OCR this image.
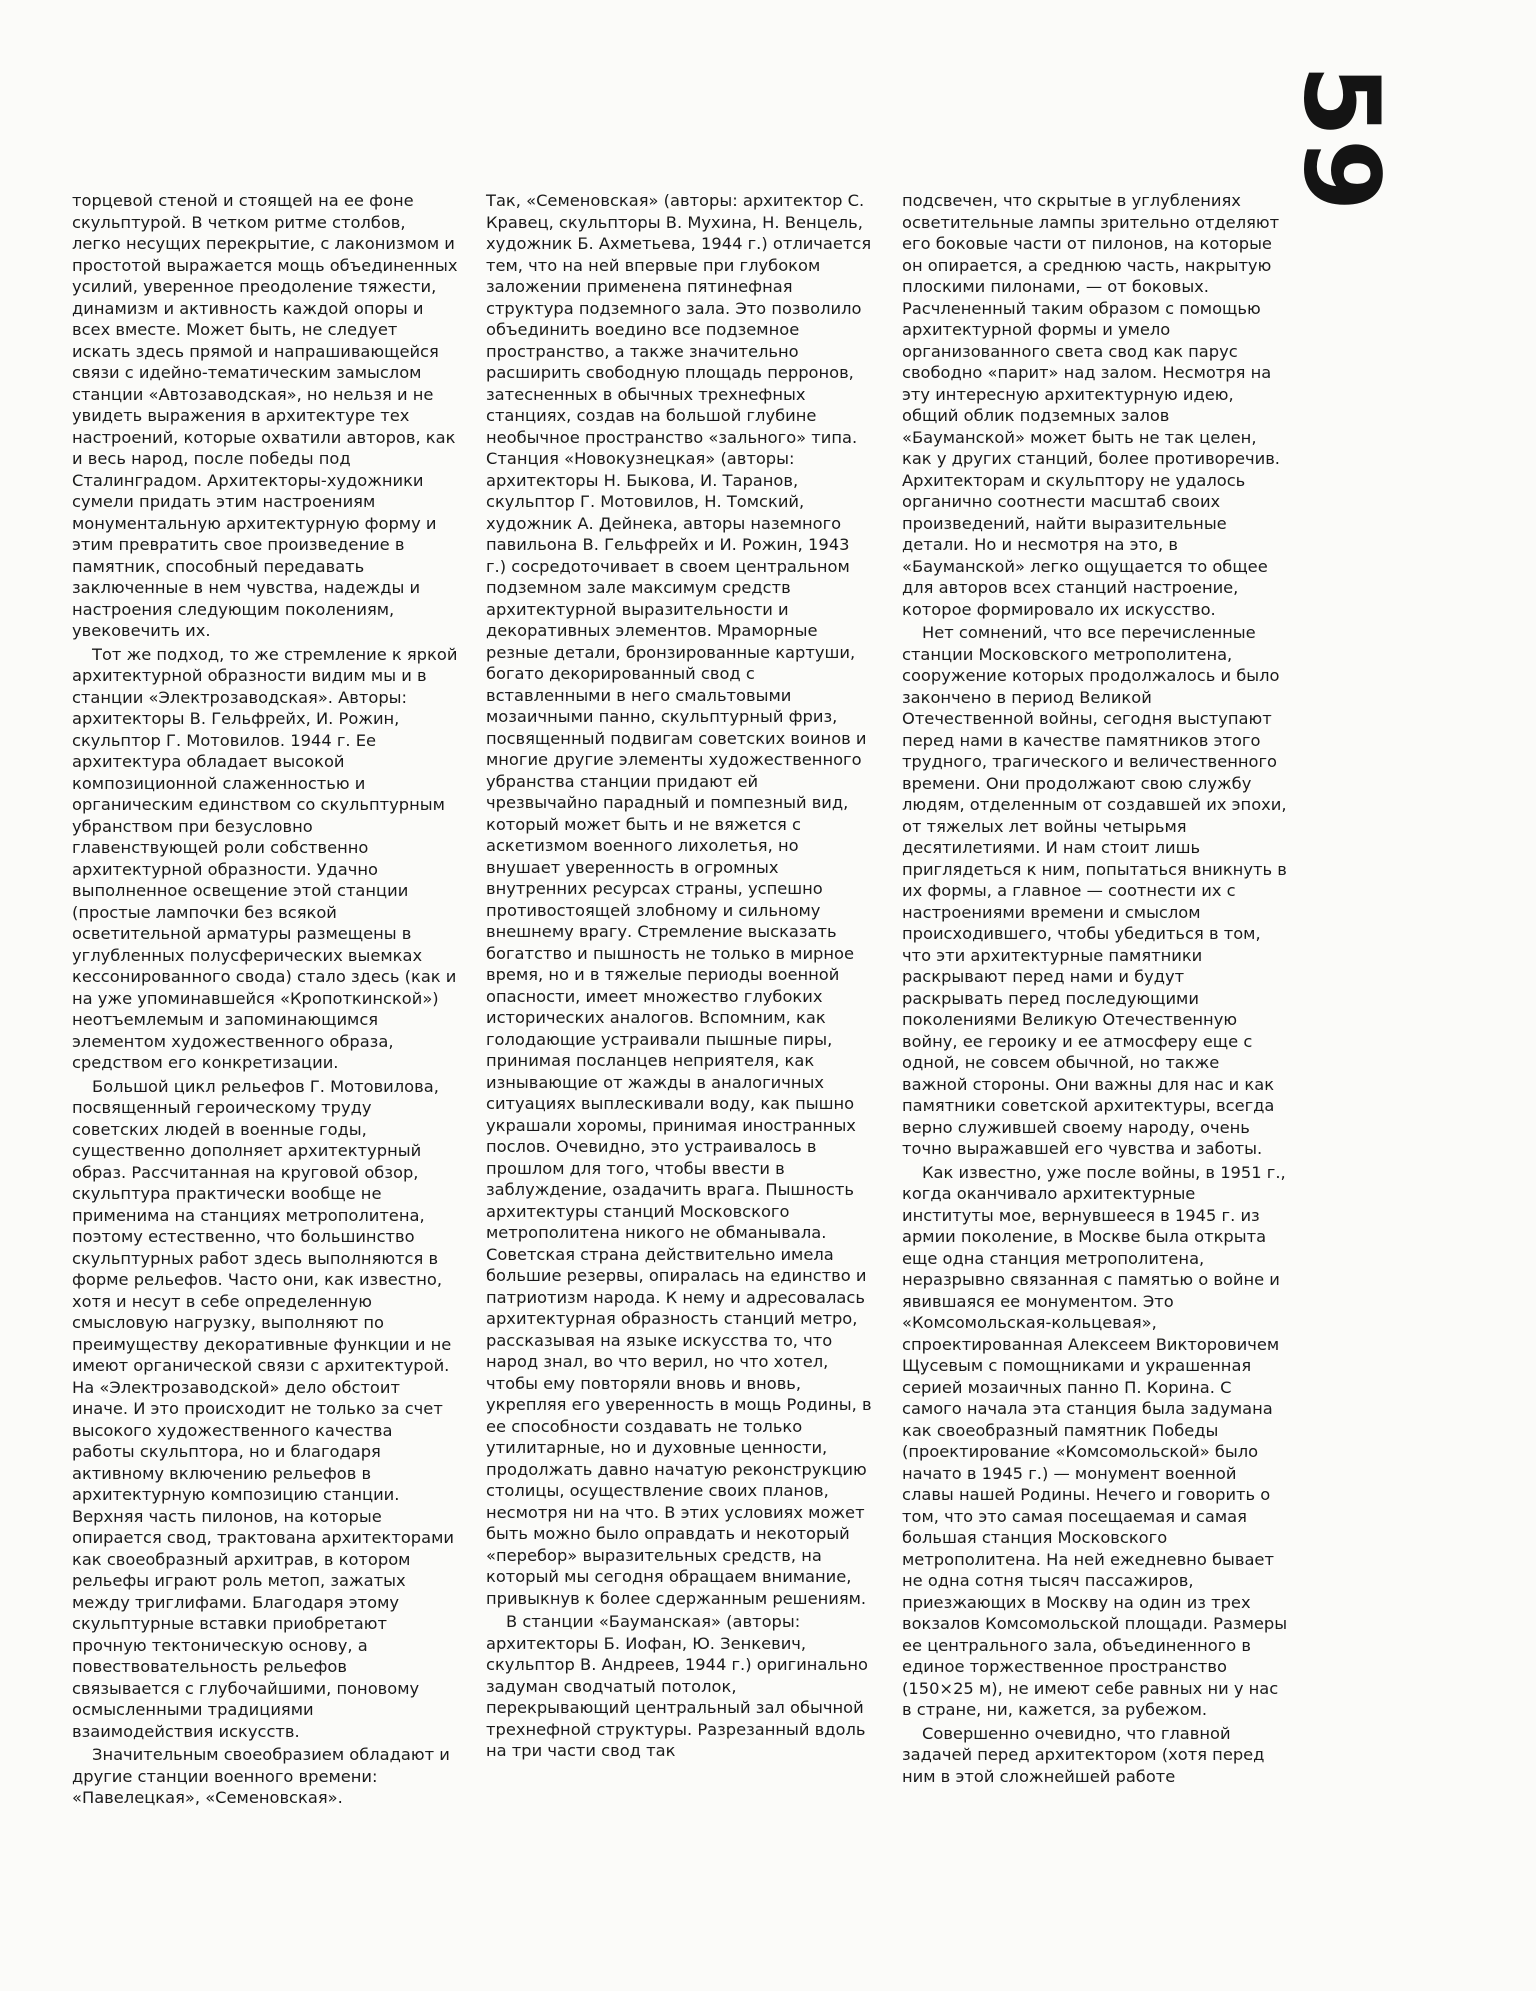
59

торцевой стеной и стоящей на ее фоне скульптурой. В четком ритме столбов, легко несущих перекрытие, с лаконизмом и простотой выражается мощь объединенных усилий, уверенное преодоление тяжести, динамизм и активность каждой опоры и всех вместе. Может быть, не следует искать здесь прямой и напрашивающейся связи с идейно-тематическим замыслом станции «Автозаводская», но нельзя и не увидеть выражения в архитектуре тех настроений, которые охватили авторов, как и весь народ, после победы под Сталинградом. Архитекторы-художники сумели придать этим настроениям монументальную архитектурную форму и этим превратить свое произведение в памятник, способный передавать заключенные в нем чувства, надежды и настроения следующим поколениям, увековечить их.

Тот же подход, то же стремление к яркой архитектурной образности видим мы и в станции «Электрозаводская». Авторы: архитекторы В. Гельфрейх, И. Рожин, скульптор Г. Мотовилов. 1944 г. Ее архитектура обладает высокой композиционной слаженностью и органическим единством со скульптурным убранством при безусловно главенствующей роли собственно архитектурной образности. Удачно выполненное освещение этой станции (простые лампочки без всякой осветительной арматуры размещены в углубленных полусферических выемках кессонированного свода) стало здесь (как и на уже упоминавшейся «Кропоткинской») неотъемлемым и запоминающимся элементом художественного образа, средством его конкретизации.

Большой цикл рельефов Г. Мотовилова, посвященный героическому труду советских людей в военные годы, существенно дополняет архитектурный образ. Рассчитанная на круговой обзор, скульптура практически вообще не применима на станциях метрополитена, поэтому естественно, что большинство скульптурных работ здесь выполняются в форме рельефов. Часто они, как известно, хотя и несут в себе определенную смысловую нагрузку, выполняют по преимуществу декоративные функции и не имеют органической связи с архитектурой. На «Электрозаводской» дело обстоит иначе. И это происходит не только за счет высокого художественного качества работы скульптора, но и благодаря активному включению рельефов в архитектурную композицию станции. Верхняя часть пилонов, на которые опирается свод, трактована архитекторами как своеобразный архитрав, в котором рельефы играют роль метоп, зажатых между триглифами. Благодаря этому скульптурные вставки приобретают прочную тектоническую основу, а повествовательность рельефов связывается с глубочайшими, поновому осмысленными традициями взаимодействия искусств.

Значительным своеобразием обладают и другие станции военного времени: «Павелецкая», «Семеновская».

Так, «Семеновская» (авторы: архитектор С. Кравец, скульпторы В. Мухина, Н. Венцель, художник Б. Ахметьева, 1944 г.) отличается тем, что на ней впервые при глубоком заложении применена пятинефная структура подземного зала. Это позволило объединить воедино все подземное пространство, а также значительно расширить свободную площадь перронов, затесненных в обычных трехнефных станциях, создав на большой глубине необычное пространство «зального» типа. Станция «Новокузнецкая» (авторы: архитекторы Н. Быкова, И. Таранов, скульптор Г. Мотовилов, Н. Томский, художник А. Дейнека, авторы наземного павильона В. Гельфрейх и И. Рожин, 1943 г.) сосредоточивает в своем центральном подземном зале максимум средств архитектурной выразительности и декоративных элементов. Мраморные резные детали, бронзированные картуши, богато декорированный свод с вставленными в него смальтовыми мозаичными панно, скульптурный фриз, посвященный подвигам советских воинов и многие другие элементы художественного убранства станции придают ей чрезвычайно парадный и помпезный вид, который может быть и не вяжется с аскетизмом военного лихолетья, но внушает уверенность в огромных внутренних ресурсах страны, успешно противостоящей злобному и сильному внешнему врагу. Стремление высказать богатство и пышность не только в мирное время, но и в тяжелые периоды военной опасности, имеет множество глубоких исторических аналогов. Вспомним, как голодающие устраивали пышные пиры, принимая посланцев неприятеля, как изнывающие от жажды в аналогичных ситуациях выплескивали воду, как пышно украшали хоромы, принимая иностранных послов. Очевидно, это устраивалось в прошлом для того, чтобы ввести в заблуждение, озадачить врага. Пышность архитектуры станций Московского метрополитена никого не обманывала. Советская страна действительно имела большие резервы, опиралась на единство и патриотизм народа. К нему и адресовалась архитектурная образность станций метро, рассказывая на языке искусства то, что народ знал, во что верил, но что хотел, чтобы ему повторяли вновь и вновь, укрепляя его уверенность в мощь Родины, в ее способности создавать не только утилитарные, но и духовные ценности, продолжать давно начатую реконструкцию столицы, осуществление своих планов, несмотря ни на что. В этих условиях может быть можно было оправдать и некоторый «перебор» выразительных средств, на который мы сегодня обращаем внимание, привыкнув к более сдержанным решениям.

В станции «Бауманская» (авторы: архитекторы Б. Иофан, Ю. Зенкевич, скульптор В. Андреев, 1944 г.) оригинально задуман сводчатый потолок, перекрывающий центральный зал обычной трехнефной структуры. Разрезанный вдоль на три части свод так

подсвечен, что скрытые в углублениях осветительные лампы зрительно отделяют его боковые части от пилонов, на которые он опирается, а среднюю часть, накрытую плоскими пилонами, — от боковых. Расчлененный таким образом с помощью архитектурной формы и умело организованного света свод как парус свободно «парит» над залом. Несмотря на эту интересную архитектурную идею, общий облик подземных залов «Бауманской» может быть не так целен, как у других станций, более противоречив. Архитекторам и скульптору не удалось органично соотнести масштаб своих произведений, найти выразительные детали. Но и несмотря на это, в «Бауманской» легко ощущается то общее для авторов всех станций настроение, которое формировало их искусство.

Нет сомнений, что все перечисленные станции Московского метрополитена, сооружение которых продолжалось и было закончено в период Великой Отечественной войны, сегодня выступают перед нами в качестве памятников этого трудного, трагического и величественного времени. Они продолжают свою службу людям, отделенным от создавшей их эпохи, от тяжелых лет войны четырьмя десятилетиями. И нам стоит лишь приглядеться к ним, попытаться вникнуть в их формы, а главное — соотнести их с настроениями времени и смыслом происходившего, чтобы убедиться в том, что эти архитектурные памятники раскрывают перед нами и будут раскрывать перед последующими поколениями Великую Отечественную войну, ее героику и ее атмосферу еще с одной, не совсем обычной, но также важной стороны. Они важны для нас и как памятники советской архитектуры, всегда верно служившей своему народу, очень точно выражавшей его чувства и заботы.

Как известно, уже после войны, в 1951 г., когда оканчивало архитектурные институты мое, вернувшееся в 1945 г. из армии поколение, в Москве была открыта еще одна станция метрополитена, неразрывно связанная с памятью о войне и явившаяся ее монументом. Это «Комсомольская-кольцевая», спроектированная Алексеем Викторовичем Щусевым с помощниками и украшенная серией мозаичных панно П. Корина. С самого начала эта станция была задумана как своеобразный памятник Победы (проектирование «Комсомольской» было начато в 1945 г.) — монумент военной славы нашей Родины. Нечего и говорить о том, что это самая посещаемая и самая большая станция Московского метрополитена. На ней ежедневно бывает не одна сотня тысяч пассажиров, приезжающих в Москву на один из трех вокзалов Комсомольской площади. Размеры ее центрального зала, объединенного в единое торжественное пространство (150×25 м), не имеют себе равных ни у нас в стране, ни, кажется, за рубежом.

Совершенно очевидно, что главной задачей перед архитектором (хотя перед ним в этой сложнейшей работе
